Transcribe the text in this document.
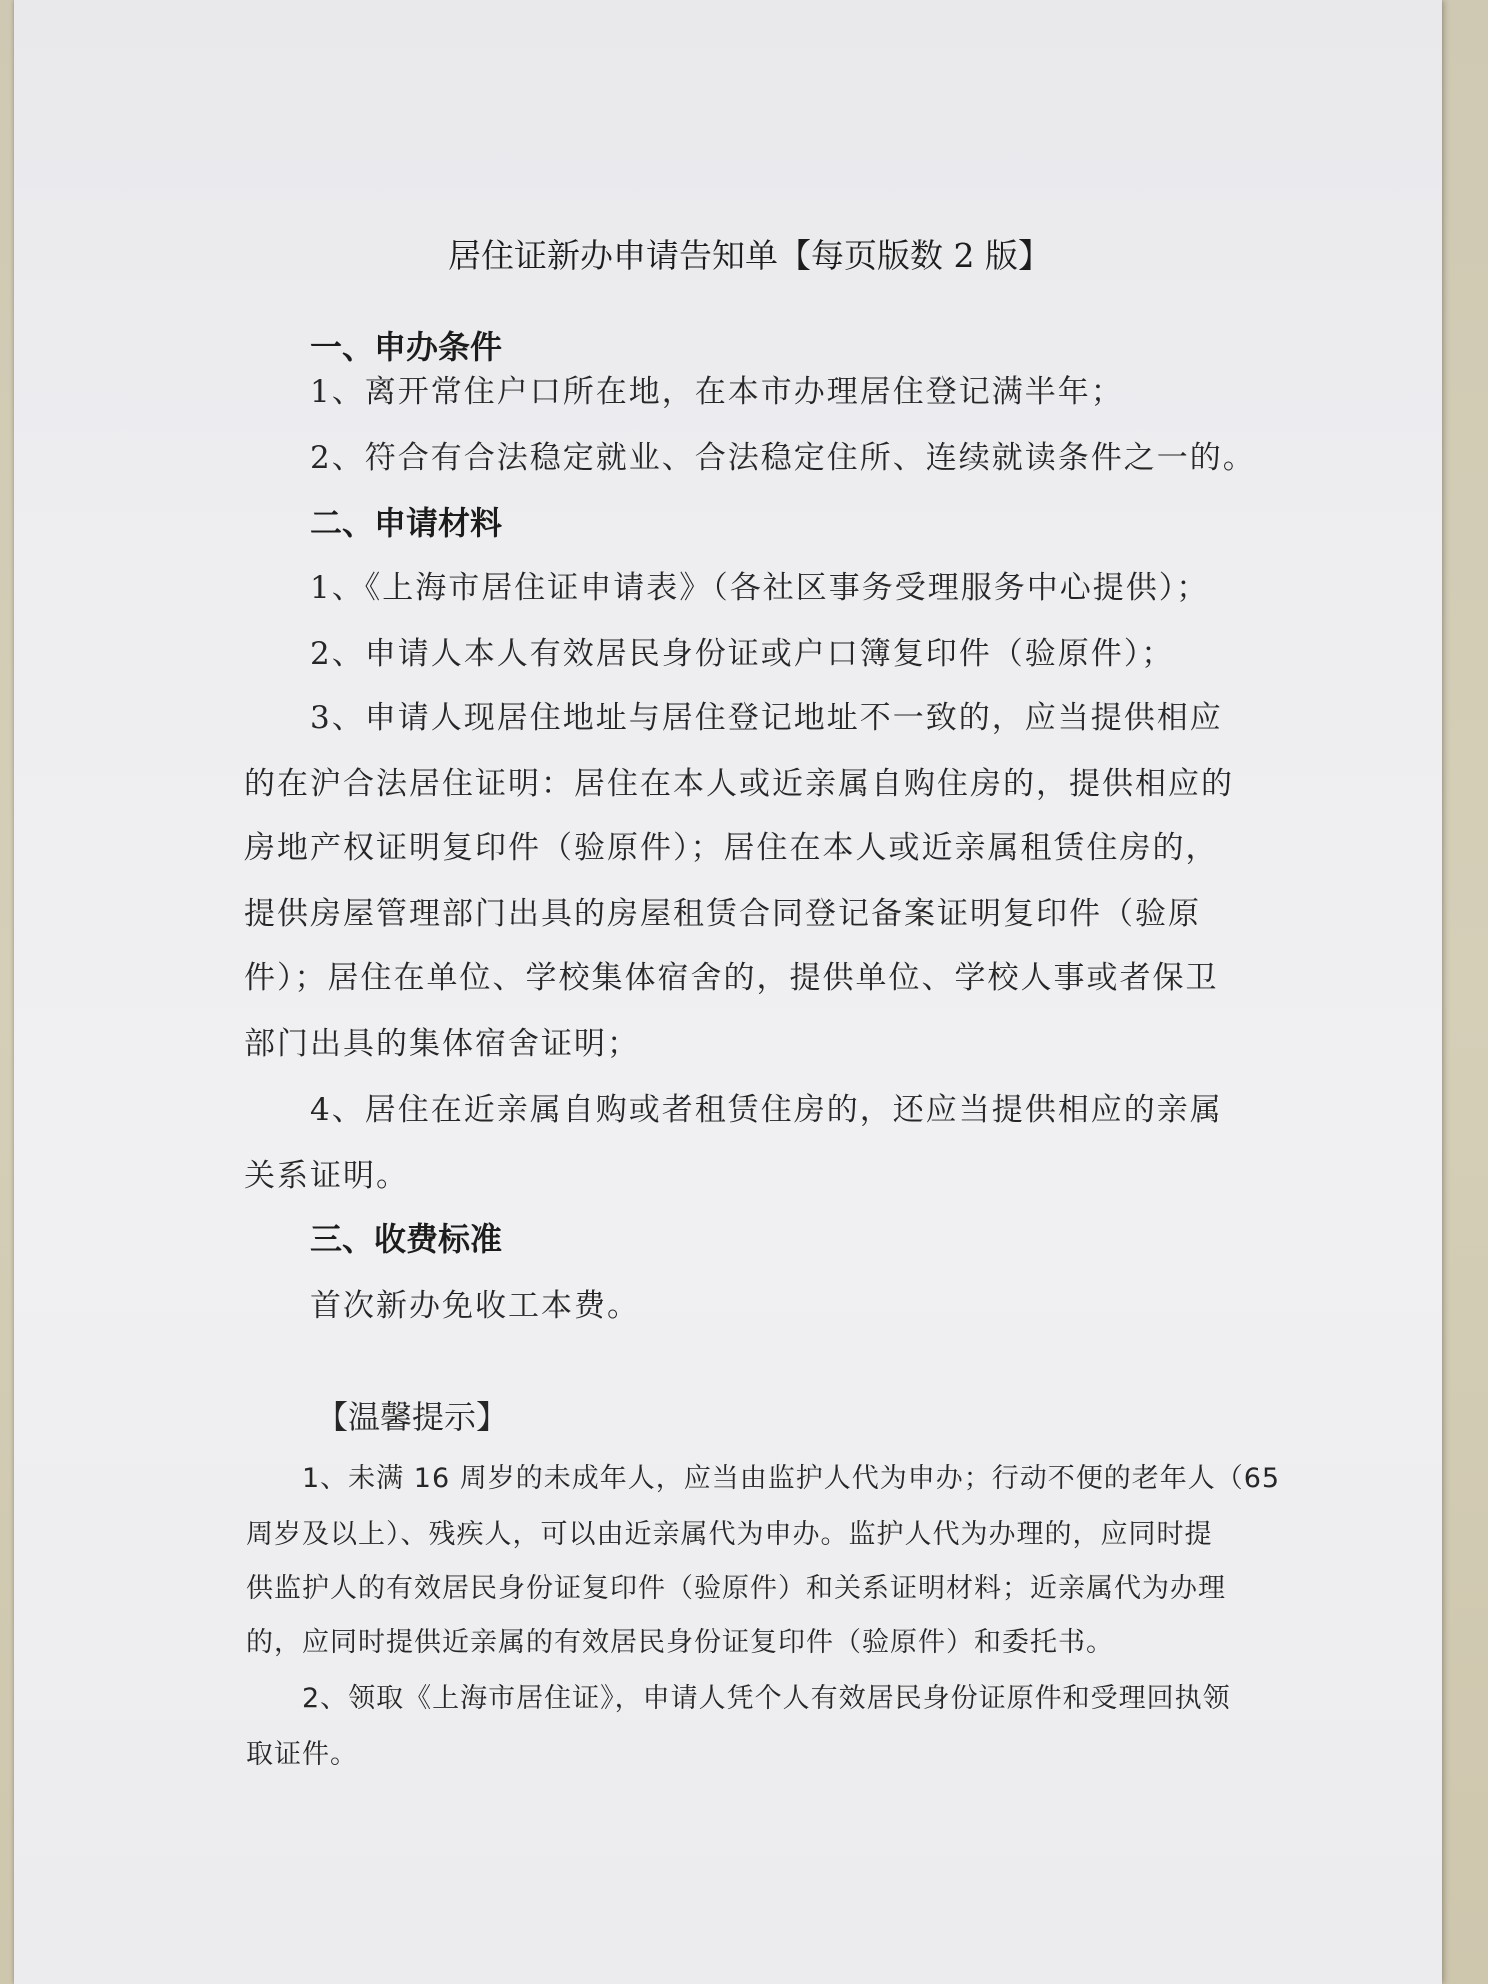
居住证新办申请告知单【每页版数 2 版】
一、申办条件
1、离开常住户口所在地，在本市办理居住登记满半年；
2、符合有合法稳定就业、合法稳定住所、连续就读条件之一的。
二、申请材料
1、《上海市居住证申请表》（各社区事务受理服务中心提供）；
2、申请人本人有效居民身份证或户口簿复印件（验原件）；
3、申请人现居住地址与居住登记地址不一致的，应当提供相应
的在沪合法居住证明：居住在本人或近亲属自购住房的，提供相应的
房地产权证明复印件（验原件）；居住在本人或近亲属租赁住房的，
提供房屋管理部门出具的房屋租赁合同登记备案证明复印件（验原
件）；居住在单位、学校集体宿舍的，提供单位、学校人事或者保卫
部门出具的集体宿舍证明；
4、居住在近亲属自购或者租赁住房的，还应当提供相应的亲属
关系证明。
三、收费标准
首次新办免收工本费。
【温馨提示】
1、未满 16 周岁的未成年人，应当由监护人代为申办；行动不便的老年人（65
周岁及以上）、残疾人，可以由近亲属代为申办。监护人代为办理的，应同时提
供监护人的有效居民身份证复印件（验原件）和关系证明材料；近亲属代为办理
的，应同时提供近亲属的有效居民身份证复印件（验原件）和委托书。
2、领取《上海市居住证》，申请人凭个人有效居民身份证原件和受理回执领
取证件。
